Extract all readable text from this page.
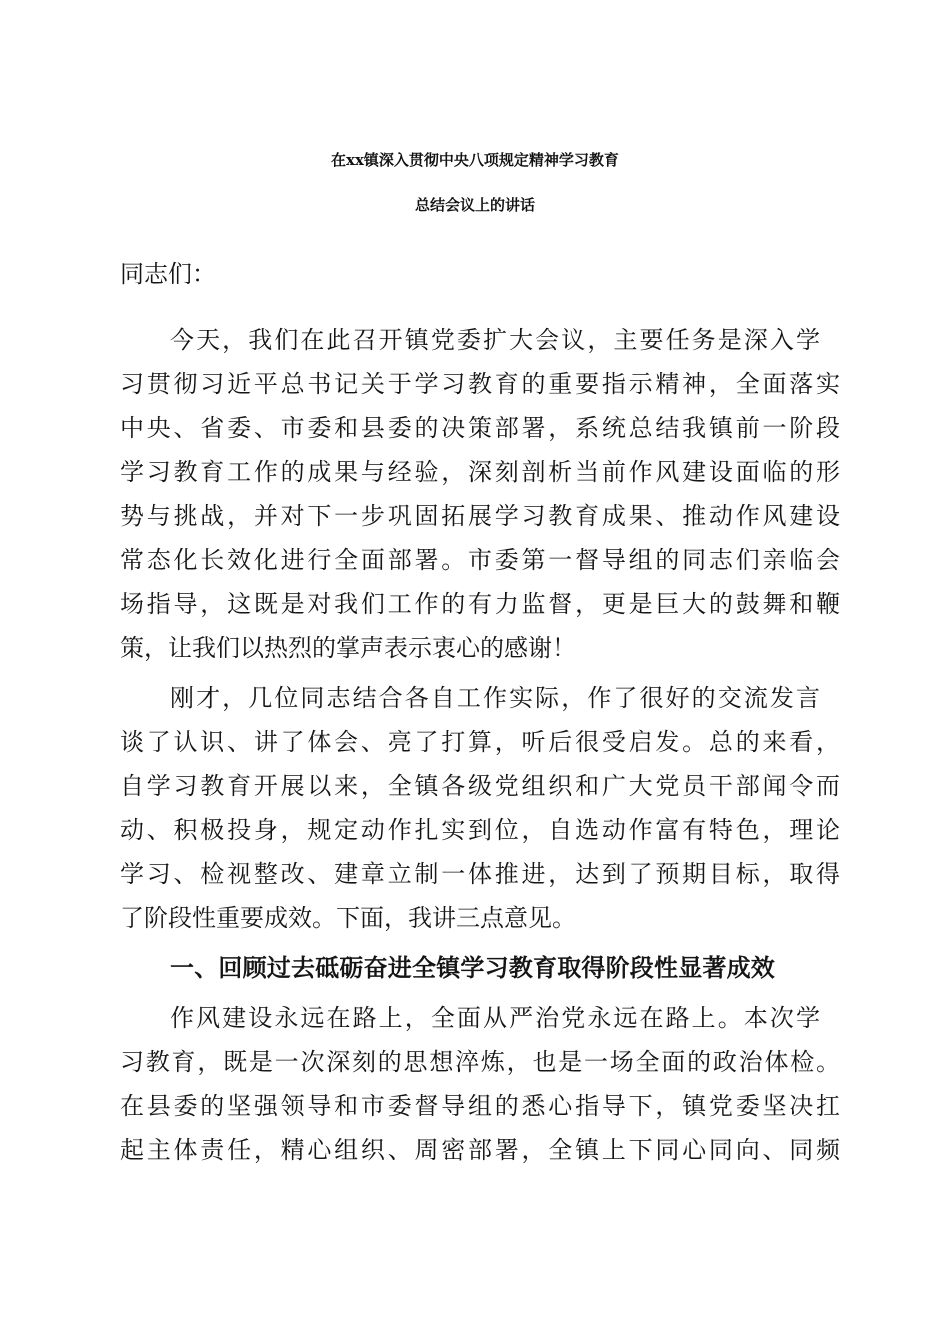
在xx镇深入贯彻中央八项规定精神学习教育
总结会议上的讲话
同志们：
今天，我们在此召开镇党委扩大会议，主要任务是深入学
习贯彻习近平总书记关于学习教育的重要指示精神，全面落实
中央、省委、市委和县委的决策部署，系统总结我镇前一阶段
学习教育工作的成果与经验，深刻剖析当前作风建设面临的形
势与挑战，并对下一步巩固拓展学习教育成果、推动作风建设
常态化长效化进行全面部署。市委第一督导组的同志们亲临会
场指导，这既是对我们工作的有力监督，更是巨大的鼓舞和鞭
策，让我们以热烈的掌声表示衷心的感谢！
刚才，几位同志结合各自工作实际，作了很好的交流发言
谈了认识、讲了体会、亮了打算，听后很受启发。总的来看，
自学习教育开展以来，全镇各级党组织和广大党员干部闻令而
动、积极投身，规定动作扎实到位，自选动作富有特色，理论
学习、检视整改、建章立制一体推进，达到了预期目标，取得
了阶段性重要成效。下面，我讲三点意见。
一、回顾过去砥砺奋进全镇学习教育取得阶段性显著成效
作风建设永远在路上，全面从严治党永远在路上。本次学
习教育，既是一次深刻的思想淬炼，也是一场全面的政治体检。
在县委的坚强领导和市委督导组的悉心指导下，镇党委坚决扛
起主体责任，精心组织、周密部署，全镇上下同心同向、同频
